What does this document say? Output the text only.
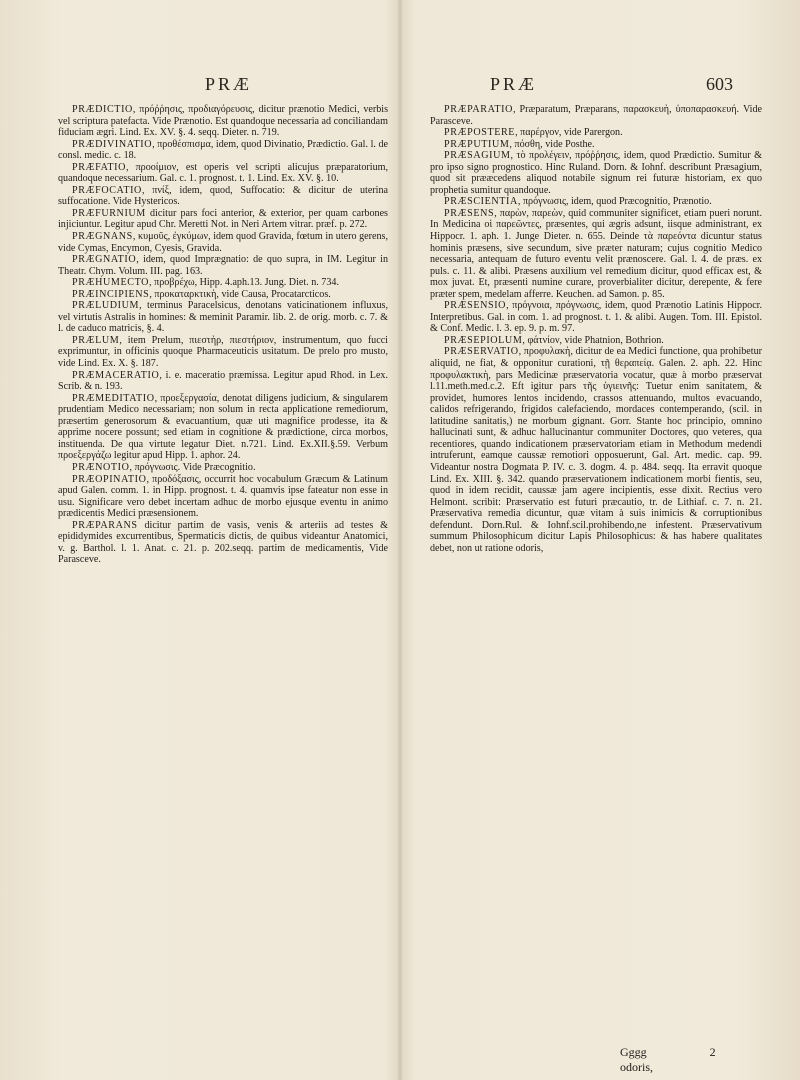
PRÆ	PRÆ	603

PRÆDICTIO, πρόῤῥησις, προδιαγόρευσις, dicitur prænotio Medici, verbis vel scriptura patefacta. Vide Prænotio. Est quandoque necessaria ad conciliandam fiduciam ægri. Lind. Ex. XV. §. 4. seqq. Dieter. n. 719.

PRÆDIVINATIO, προθέσπισμα, idem, quod Divinatio, Prædictio. Gal. l. de consl. medic. c. 18.

PRÆFATIO, προοίμιον, est operis vel scripti alicujus præparatorium, quandoque necessarium. Gal. c. 1. prognost. t. 1. Lind. Ex. XV. §. 10.

PRÆFOCATIO, πνίξ, idem, quod, Suffocatio: & dicitur de uterina suffocatione. Vide Hystericos.

PRÆFURNIUM dicitur pars foci anterior, & exterior, per quam carbones injiciuntur. Legitur apud Chr. Meretti Not. in Neri Artem vitrar. præf. p. 272.

PRÆGNANS, κυμοῦς, ἐγκύμων, idem quod Gravida, fœtum in utero gerens, vide Cymas, Encymon, Cyesis, Gravida.

PRÆGNATIO, idem, quod Imprægnatio: de quo supra, in IM. Legitur in Theatr. Chym. Volum. III. pag. 163.

PRÆHUMECTO, προβρέχω, Hipp. 4.aph.13. Jung. Diet. n. 734.

PRÆINCIPIENS, προκαταρκτικὴ, vide Causa, Procatarcticos.

PRÆLUDIUM, terminus Paracelsicus, denotans vaticinationem influxus, vel virtutis Astralis in homines: & meminit Paramir. lib. 2. de orig. morb. c. 7. & l. de caduco matricis, §. 4.

PRÆLUM, item Prelum, πιεστὴρ, πιεστήριον, instrumentum, quo fucci exprimuntur, in officinis quoque Pharmaceuticis usitatum. De prelo pro musto, vide Lind. Ex. X. §. 187.

PRÆMACERATIO, i. e. maceratio præmissa. Legitur apud Rhod. in Lex. Scrib. & n. 193.

PRÆMEDITATIO, προεξεργασία, denotat diligens judicium, & singularem prudentiam Medico necessariam; non solum in recta applicatione remediorum, præsertim generosorum & evacuantium, quæ uti magnifice prodesse, ita & apprime nocere possunt; sed etiam in cognitione & prædictione, circa morbos, instituenda. De qua virtute legatur Diet. n.721. Lind. Ex.XII.§.59. Verbum προεξεργάζω legitur apud Hipp. 1. aphor. 24.

PRÆNOTIO, πρόγνωσις. Vide Præcognitio.

PRÆOPINATIO, προδόξασις, occurrit hoc vocabulum Græcum & Latinum apud Galen. comm. 1. in Hipp. prognost. t. 4. quamvis ipse fateatur non esse in usu. Significare vero debet incertam adhuc de morbo ejusque eventu in animo prædicentis Medici præsensionem.

PRÆPARANS dicitur partim de vasis, venis & arteriis ad testes & epididymides excurrentibus, Spermaticis dictis, de quibus videantur Anatomici, v. g. Barthol. l. 1. Anat. c. 21. p. 202.seqq. partim de medicamentis, Vide Parasceve.

PRÆPARATIO, Præparatum, Præparans, παρασκευὴ, ὑποπαρασκευή. Vide Parasceve.

PRÆPOSTERE, παρέργον, vide Parergon.

PRÆPUTIUM, πόσθη, vide Posthe.

PRÆSAGIUM, τὸ προλέγειν, πρόῤῥησις, idem, quod Prædictio. Sumitur & pro ipso signo prognostico. Hinc Ruland. Dorn. & Iohnf. describunt Præsagium, quod sit prææcedens aliquod notabile signum rei futuræ historiam, ex quo prophetia sumitur quandoque.

PRÆSCIENTIA, πρόγνωσις, idem, quod Præcognitio, Prænotio.

PRÆSENS, παρὼν, παρεὼν, quid communiter significet, etiam pueri norunt. In Medicina οἱ παρεῶντες, præsentes, qui ægris adsunt, iisque administrant, ex Hippocr. 1. aph. 1. Junge Dieter. n. 655. Deinde τὰ παρεόντα dicuntur status hominis præsens, sive secundum, sive præter naturam; cujus cognitio Medico necessaria, antequam de futuro eventu velit prænoscere. Gal. l. 4. de præs. ex puls. c. 11. & alibi. Præsens auxilium vel remedium dicitur, quod efficax est, & mox juvat. Et, præsenti numine curare, proverbialiter dicitur, derepente, & fere præter spem, medelam afferre. Keuchen. ad Samon. p. 85.

PRÆSENSIO, πρόγνοια, πρόγνωσις, idem, quod Prænotio Latinis Hippocr. Interpretibus. Gal. in com. 1. ad prognost. t. 1. & alibi. Augen. Tom. III. Epistol. & Conf. Medic. l. 3. ep. 9. p. m. 97.

PRÆSEPIOLUM, φάτνίον, vide Phatnion, Bothrion.

PRÆSERVATIO, προφυλακὴ, dicitur de ea Medici functione, qua prohibetur aliquid, ne fiat, & opponitur curationi, τῇ θεραπείᾳ. Galen. 2. aph. 22. Hinc προφυλακτικὴ, pars Medicinæ præservatoria vocatur, quæ à morbo præservat l.11.meth.med.c.2. Eft igitur pars τῆς ὑγιεινῆς: Tuetur enim sanitatem, & providet, humores lentos incidendo, crassos attenuando, multos evacuando, calidos refrigerando, frigidos calefaciendo, mordaces contemperando, (scil. in latitudine sanitatis,) ne morbum gignant. Gorr. Stante hoc principio, omnino hallucinati sunt, & adhuc hallucinantur communiter Doctores, quo veteres, qua recentiores, quando indicationem præservatoriam etiam in Methodum medendi intruferunt, eamque caussæ remotiori opposuerunt, Gal. Art. medic. cap. 99. Videantur nostra Dogmata P. IV. c. 3. dogm. 4. p. 484. seqq. Ita erravit quoque Lind. Ex. XIII. §. 342. quando præservationem indicationem morbi fientis, seu, quod in idem recidit, caussæ jam agere incipientis, esse dixit. Rectius vero Helmont. scribit: Præservatio est futuri præcautio, tr. de Lithiaf. c. 7. n. 21. Præservativa remedia dicuntur, quæ vitam à suis inimicis & corruptionibus defendunt. Dorn.Rul. & Iohnf.scil.prohibendo,ne infestent. Præservativum summum Philosophicum dicitur Lapis Philosophicus: & has habere qualitates debet, non ut ratione odoris,

Gggg	2 odoris,
